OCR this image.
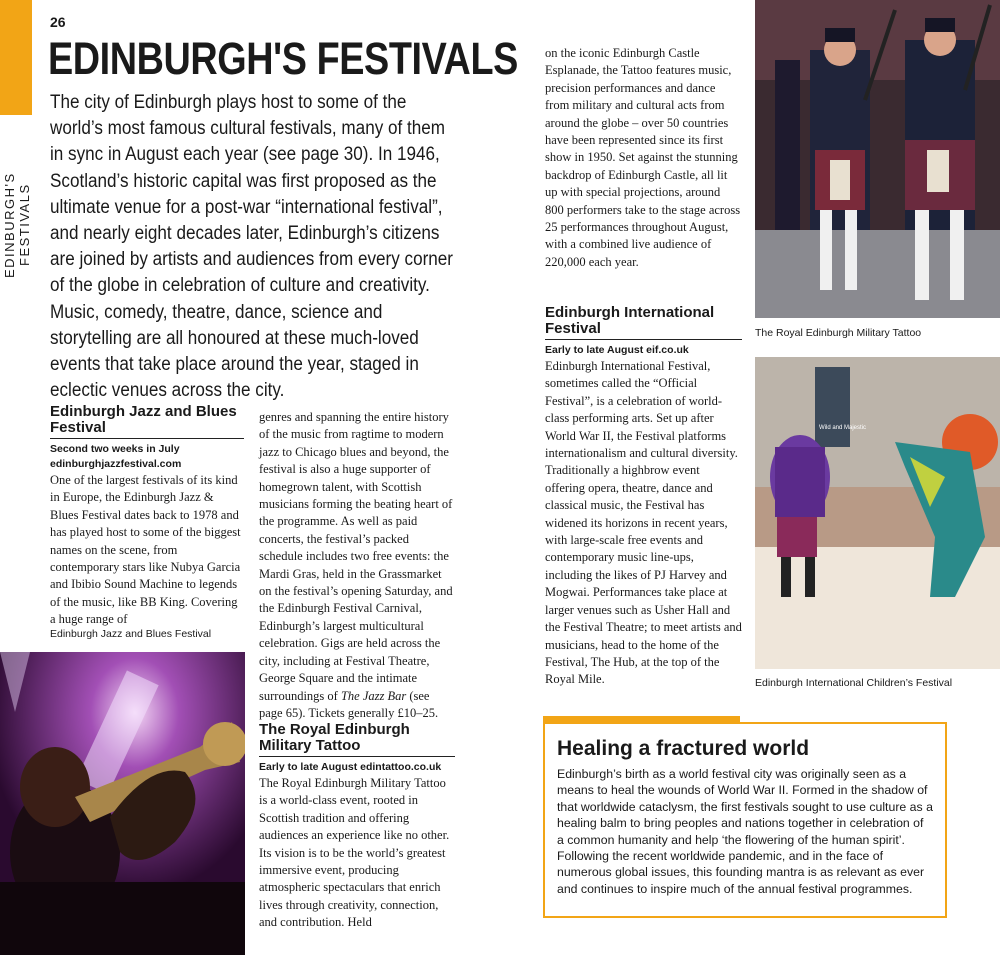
26
EDINBURGH'S FESTIVALS
EDINBURGH'S FESTIVALS
The city of Edinburgh plays host to some of the world’s most famous cultural festivals, many of them in sync in August each year (see page 30). In 1946, Scotland’s historic capital was first proposed as the ultimate venue for a post-war “international festival”, and nearly eight decades later, Edinburgh’s citizens are joined by artists and audiences from every corner of the globe in celebration of culture and creativity. Music, comedy, theatre, dance, science and storytelling are all honoured at these much-loved events that take place around the year, staged in eclectic venues across the city.
Edinburgh Jazz and Blues Festival
Second two weeks in July
edinburghjazzfestival.com
One of the largest festivals of its kind in Europe, the Edinburgh Jazz & Blues Festival dates back to 1978 and has played host to some of the biggest names on the scene, from contemporary stars like Nubya Garcia and Ibibio Sound Machine to legends of the music, like BB King. Covering a huge range of
Edinburgh Jazz and Blues Festival
genres and spanning the entire history of the music from ragtime to modern jazz to Chicago blues and beyond, the festival is also a huge supporter of homegrown talent, with Scottish musicians forming the beating heart of the programme. As well as paid concerts, the festival’s packed schedule includes two free events: the Mardi Gras, held in the Grassmarket on the festival’s opening Saturday, and the Edinburgh Festival Carnival, Edinburgh’s largest multicultural celebration. Gigs are held across the city, including at Festival Theatre, George Square and the intimate surroundings of The Jazz Bar (see page 65). Tickets generally £10–25.
The Royal Edinburgh Military Tattoo
Early to late August edintattoo.co.uk
The Royal Edinburgh Military Tattoo is a world-class event, rooted in Scottish tradition and offering audiences an experience like no other. Its vision is to be the world’s greatest immersive event, producing atmospheric spectaculars that enrich lives through creativity, connection, and contribution. Held
on the iconic Edinburgh Castle Esplanade, the Tattoo features music, precision performances and dance from military and cultural acts from around the globe – over 50 countries have been represented since its first show in 1950. Set against the stunning backdrop of Edinburgh Castle, all lit up with special projections, around 800 performers take to the stage across 25 performances throughout August, with a combined live audience of 220,000 each year.
Edinburgh International Festival
Early to late August eif.co.uk
Edinburgh International Festival, sometimes called the “Official Festival”, is a celebration of world-class performing arts. Set up after World War II, the Festival platforms internationalism and cultural diversity. Traditionally a highbrow event offering opera, theatre, dance and classical music, the Festival has widened its horizons in recent years, with large-scale free events and contemporary music line-ups, including the likes of PJ Harvey and Mogwai. Performances take place at larger venues such as Usher Hall and the Festival Theatre; to meet artists and musicians, head to the home of the Festival, The Hub, at the top of the Royal Mile.
The Royal Edinburgh Military Tattoo
Wild and Majestic
Edinburgh International Children’s Festival
Healing a fractured world
Edinburgh’s birth as a world festival city was originally seen as a means to heal the wounds of World War II. Formed in the shadow of that worldwide cataclysm, the first festivals sought to use culture as a healing balm to bring peoples and nations together in celebration of a common humanity and help ‘the flowering of the human spirit’. Following the recent worldwide pandemic, and in the face of numerous global issues, this founding mantra is as relevant as ever and continues to inspire much of the annual festival programmes.
